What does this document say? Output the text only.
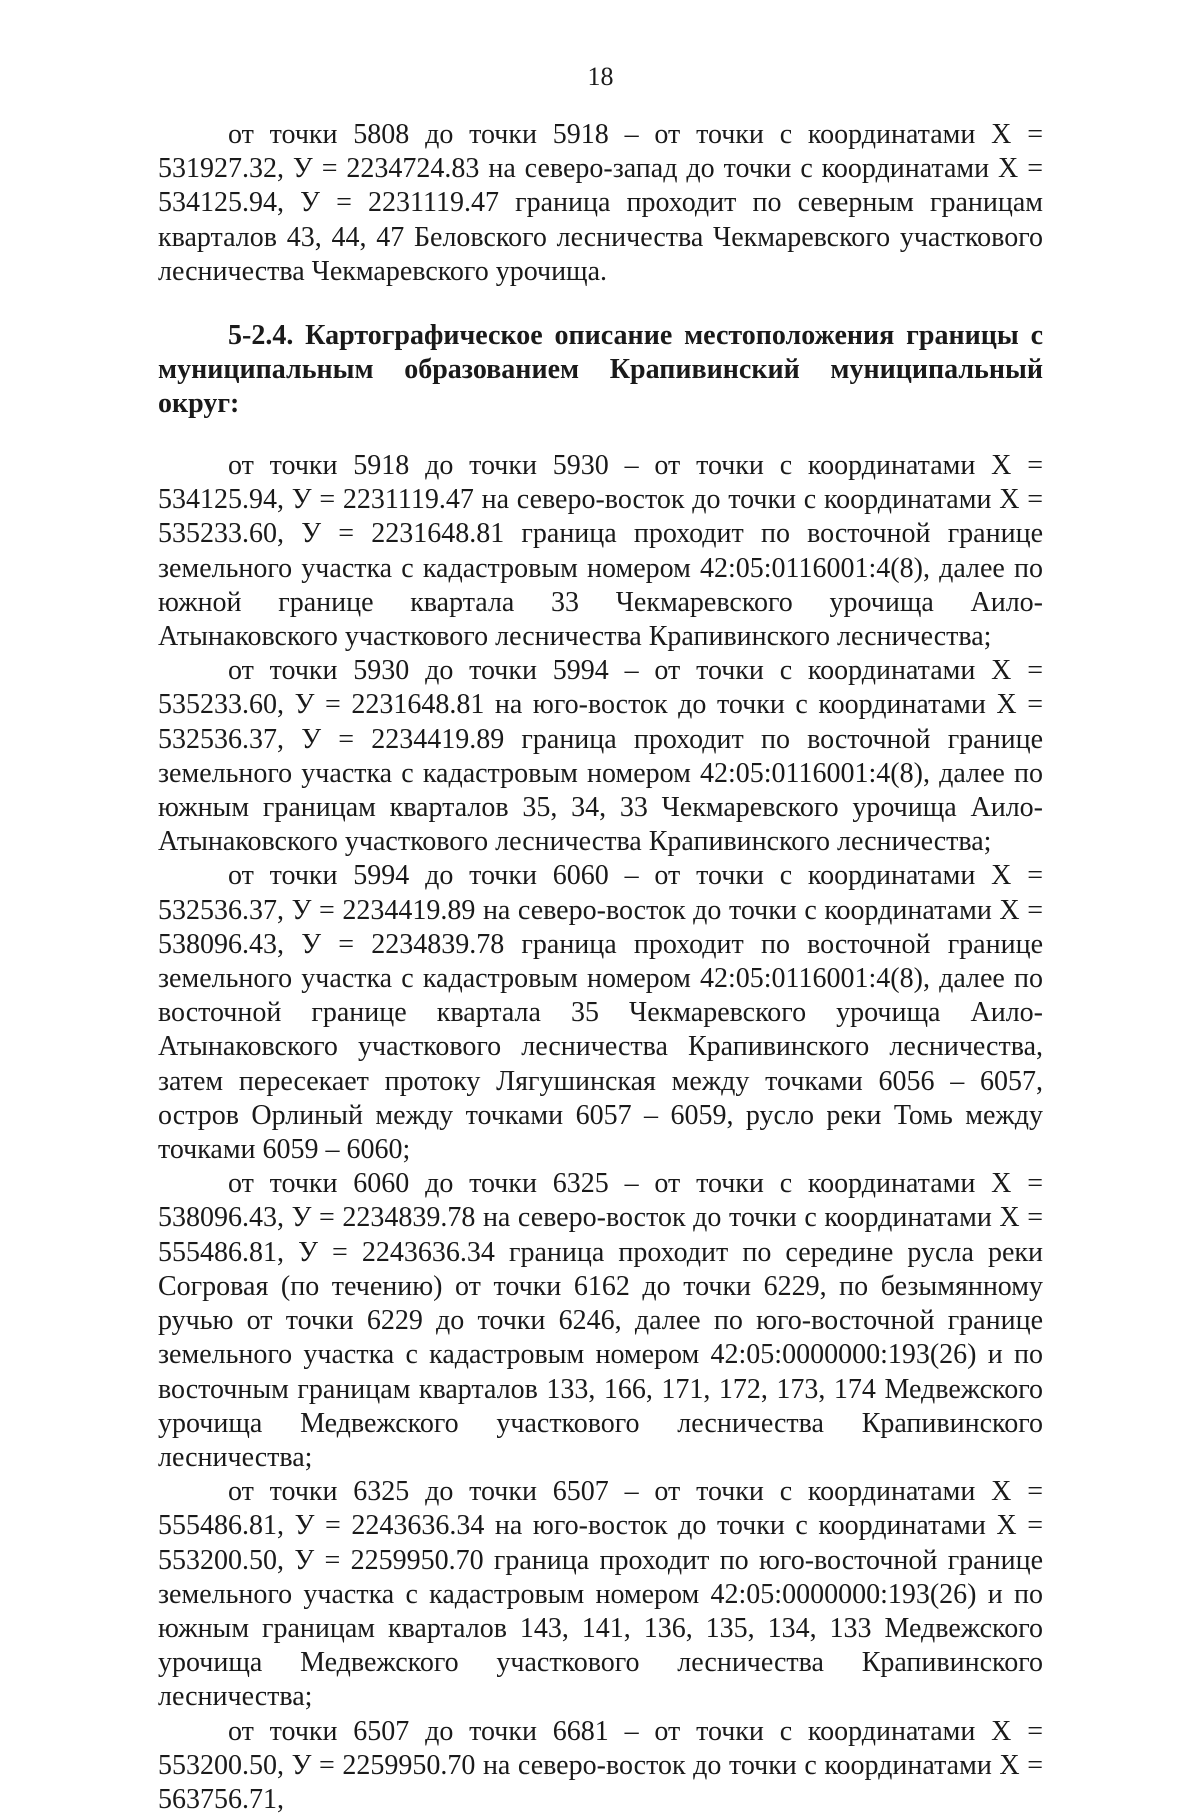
18

от точки 5808 до точки 5918 – от точки с координатами Х = 531927.32, У = 2234724.83 на северо-запад до точки с координатами Х = 534125.94, У = 2231119.47 граница проходит по северным границам кварталов 43, 44, 47 Беловского лесничества Чекмаревского участкового лесничества Чекмаревского урочища.

5-2.4. Картографическое описание местоположения границы с муниципальным образованием Крапивинский муниципальный округ:

от точки 5918 до точки 5930 – от точки с координатами Х = 534125.94, У = 2231119.47 на северо-восток до точки с координатами Х = 535233.60, У = 2231648.81 граница проходит по восточной границе земельного участка с кадастровым номером 42:05:0116001:4(8), далее по южной границе квартала 33 Чекмаревского урочища Аило-Атынаковского участкового лесничества Крапивинского лесничества;

от точки 5930 до точки 5994 – от точки с координатами Х = 535233.60, У = 2231648.81 на юго-восток до точки с координатами Х = 532536.37, У = 2234419.89 граница проходит по восточной границе земельного участка с кадастровым номером 42:05:0116001:4(8), далее по южным границам кварталов 35, 34, 33 Чекмаревского урочища Аило-Атынаковского участкового лесничества Крапивинского лесничества;

от точки 5994 до точки 6060 – от точки с координатами Х = 532536.37, У = 2234419.89 на северо-восток до точки с координатами Х = 538096.43, У = 2234839.78 граница проходит по восточной границе земельного участка с кадастровым номером 42:05:0116001:4(8), далее по восточной границе квартала 35 Чекмаревского урочища Аило-Атынаковского участкового лесничества Крапивинского лесничества, затем пересекает протоку Лягушинская между точками 6056 – 6057, остров Орлиный между точками 6057 – 6059, русло реки Томь между точками 6059 – 6060;

от точки 6060 до точки 6325 – от точки с координатами Х = 538096.43, У = 2234839.78 на северо-восток до точки с координатами Х = 555486.81, У = 2243636.34 граница проходит по середине русла реки Согровая (по течению) от точки 6162 до точки 6229, по безымянному ручью от точки 6229 до точки 6246, далее по юго-восточной границе земельного участка с кадастровым номером 42:05:0000000:193(26) и по восточным границам кварталов 133, 166, 171, 172, 173, 174 Медвежского урочища Медвежского участкового лесничества Крапивинского лесничества;

от точки 6325 до точки 6507 – от точки с координатами Х = 555486.81, У = 2243636.34 на юго-восток до точки с координатами Х = 553200.50, У = 2259950.70 граница проходит по юго-восточной границе земельного участка с кадастровым номером 42:05:0000000:193(26) и по южным границам кварталов 143, 141, 136, 135, 134, 133 Медвежского урочища Медвежского участкового лесничества Крапивинского лесничества;

от точки 6507 до точки 6681 – от точки с координатами Х = 553200.50, У = 2259950.70 на северо-восток до точки с координатами Х = 563756.71,
